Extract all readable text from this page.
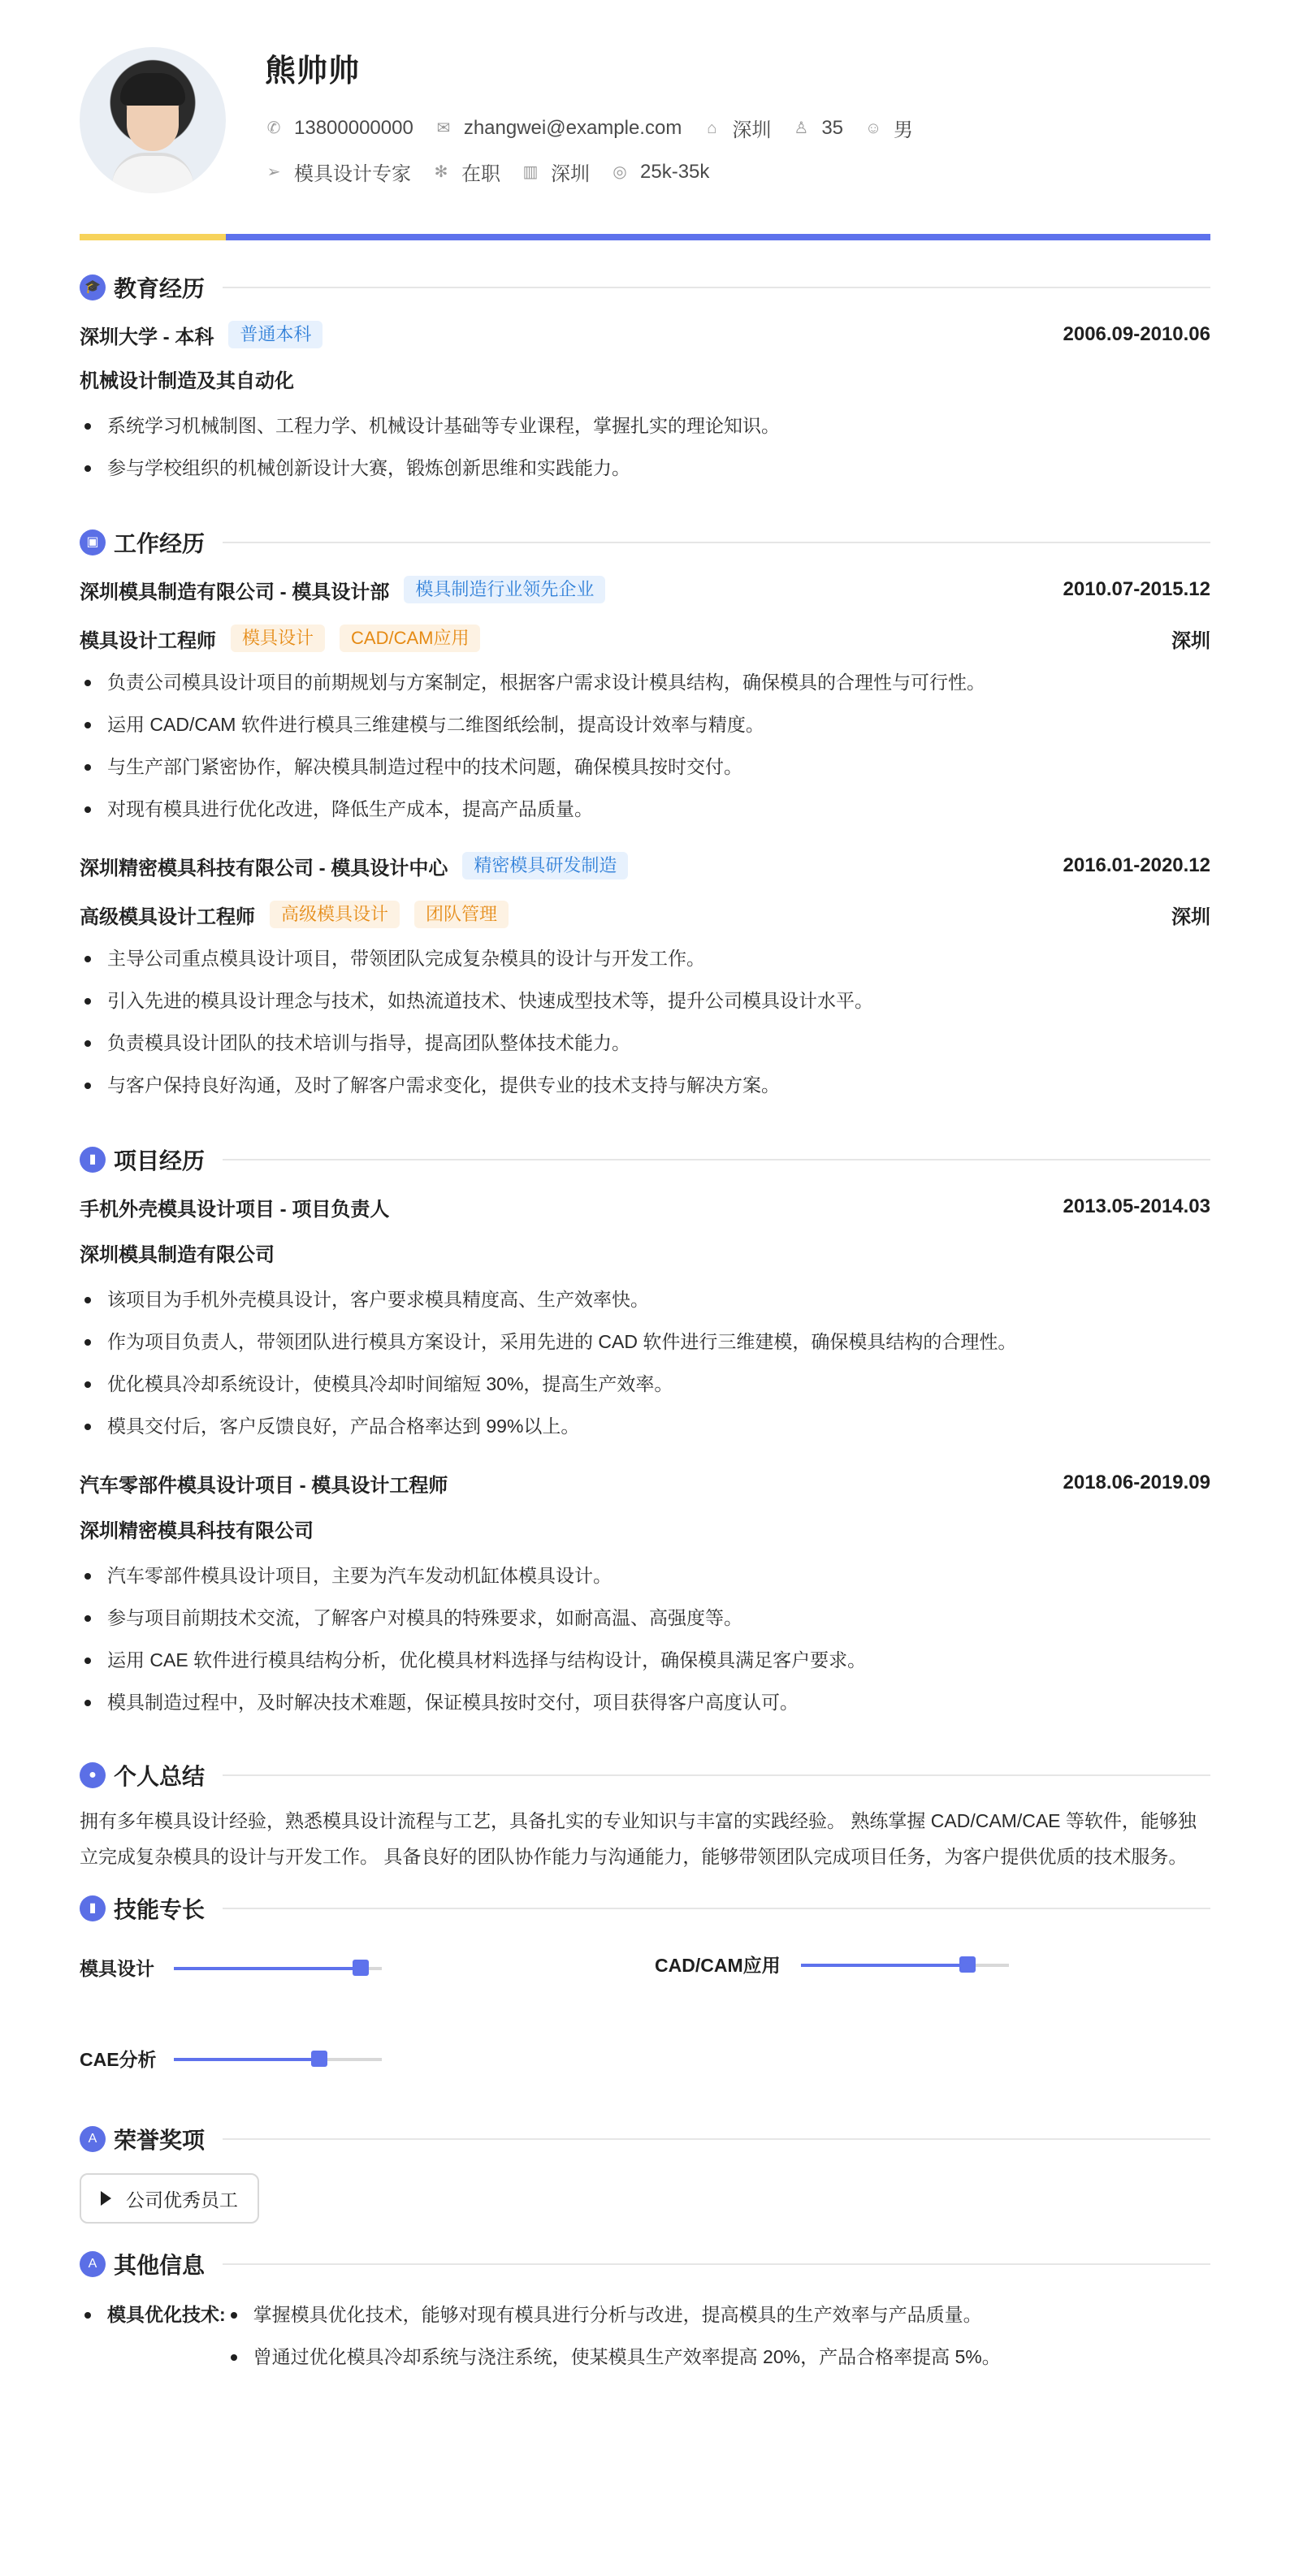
熊帅帅
✆ 13800000000 ✉ zhangwei@example.com ⌂ 深圳 ♙ 35 ☺ 男
➢ 模具设计专家 ✻ 在职 ▥ 深圳 ◎ 25k-35k
🎓 教育经历
深圳大学 - 本科	普通本科	2006.09-2010.06
机械设计制造及其自动化
系统学习机械制图、工程力学、机械设计基础等专业课程，掌握扎实的理论知识。
参与学校组织的机械创新设计大赛，锻炼创新思维和实践能力。
▣ 工作经历
深圳模具制造有限公司 - 模具设计部	模具制造行业领先企业	2010.07-2015.12
模具设计工程师	模具设计	CAD/CAM应用	深圳
负责公司模具设计项目的前期规划与方案制定，根据客户需求设计模具结构，确保模具的合理性与可行性。
运用 CAD/CAM 软件进行模具三维建模与二维图纸绘制，提高设计效率与精度。
与生产部门紧密协作，解决模具制造过程中的技术问题，确保模具按时交付。
对现有模具进行优化改进，降低生产成本，提高产品质量。
深圳精密模具科技有限公司 - 模具设计中心	精密模具研发制造	2016.01-2020.12
高级模具设计工程师	高级模具设计	团队管理	深圳
主导公司重点模具设计项目，带领团队完成复杂模具的设计与开发工作。
引入先进的模具设计理念与技术，如热流道技术、快速成型技术等，提升公司模具设计水平。
负责模具设计团队的技术培训与指导，提高团队整体技术能力。
与客户保持良好沟通，及时了解客户需求变化，提供专业的技术支持与解决方案。
▮ 项目经历
手机外壳模具设计项目 - 项目负责人	2013.05-2014.03
深圳模具制造有限公司
该项目为手机外壳模具设计，客户要求模具精度高、生产效率快。
作为项目负责人，带领团队进行模具方案设计，采用先进的 CAD 软件进行三维建模，确保模具结构的合理性。
优化模具冷却系统设计，使模具冷却时间缩短 30%，提高生产效率。
模具交付后，客户反馈良好，产品合格率达到 99%以上。
汽车零部件模具设计项目 - 模具设计工程师	2018.06-2019.09
深圳精密模具科技有限公司
汽车零部件模具设计项目，主要为汽车发动机缸体模具设计。
参与项目前期技术交流，了解客户对模具的特殊要求，如耐高温、高强度等。
运用 CAE 软件进行模具结构分析，优化模具材料选择与结构设计，确保模具满足客户要求。
模具制造过程中，及时解决技术难题，保证模具按时交付，项目获得客户高度认可。
● 个人总结
拥有多年模具设计经验，熟悉模具设计流程与工艺，具备扎实的专业知识与丰富的实践经验。 熟练掌握 CAD/CAM/CAE 等软件，能够独立完成复杂模具的设计与开发工作。 具备良好的团队协作能力与沟通能力，能够带领团队完成项目任务，为客户提供优质的技术服务。
▮ 技能专长
模具设计	CAD/CAM应用
CAE分析
A 荣誉奖项
公司优秀员工
A 其他信息
模具优化技术:	掌握模具优化技术，能够对现有模具进行分析与改进，提高模具的生产效率与产品质量。
曾通过优化模具冷却系统与浇注系统，使某模具生产效率提高 20%，产品合格率提高 5%。
